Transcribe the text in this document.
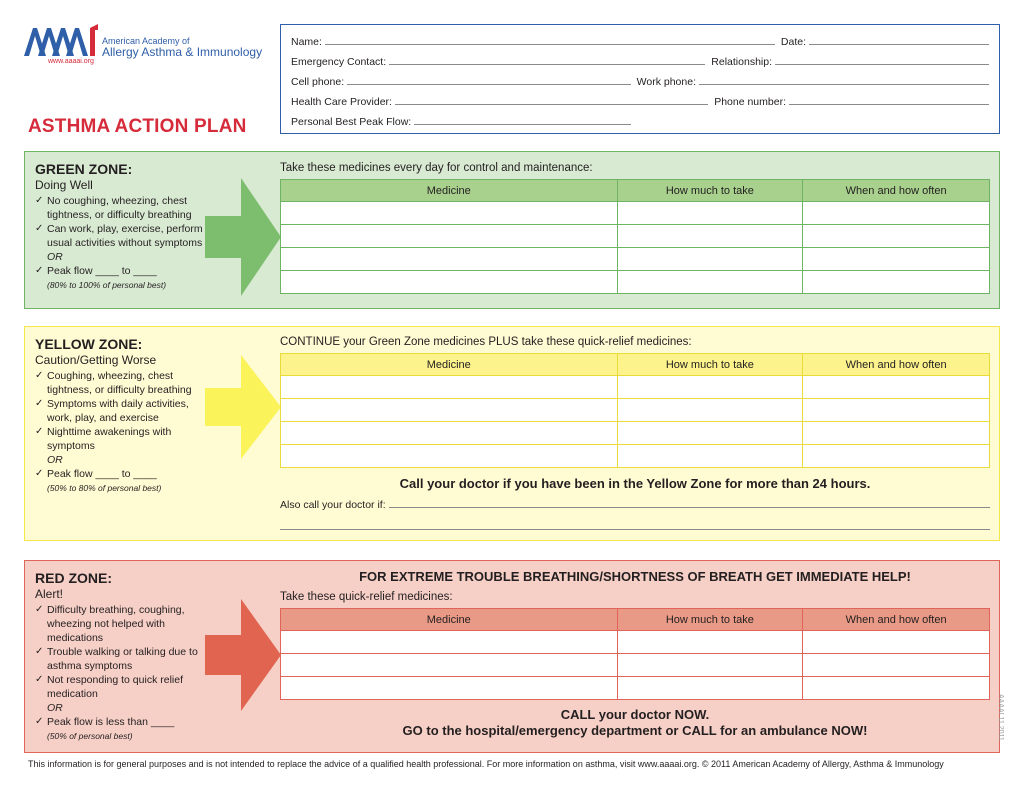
American Academy of
Allergy Asthma & Immunology
www.aaaai.org
ASTHMA ACTION PLAN
Name:	Date:
Emergency Contact:	Relationship:
Cell phone:	Work phone:
Health Care Provider:	Phone number:
Personal Best Peak Flow:
GREEN ZONE:
Doing Well
✓ No coughing, wheezing, chest tightness, or difficulty breathing
✓ Can work, play, exercise, perform usual activities without symptoms
OR
✓ Peak flow ____ to ____
(80% to 100% of personal best)
Take these medicines every day for control and maintenance:
Medicine	How much to take	When and how often

YELLOW ZONE:
Caution/Getting Worse
✓ Coughing, wheezing, chest tightness, or difficulty breathing
✓ Symptoms with daily activities, work, play, and exercise
✓ Nighttime awakenings with symptoms
OR
✓ Peak flow ____ to ____
(50% to 80% of personal best)
CONTINUE your Green Zone medicines PLUS take these quick-relief medicines:
Medicine	How much to take	When and how often

Call your doctor if you have been in the Yellow Zone for more than 24 hours.
Also call your doctor if:
RED ZONE:
Alert!
✓ Difficulty breathing, coughing, wheezing not helped with medications
✓ Trouble walking or talking due to asthma symptoms
✓ Not responding to quick relief medication
OR
✓ Peak flow is less than ____
(50% of personal best)
FOR EXTREME TROUBLE BREATHING/SHORTNESS OF BREATH GET IMMEDIATE HELP!
Take these quick-relief medicines:
Medicine	How much to take	When and how often

CALL your doctor NOW.
GO to the hospital/emergency department or CALL for an ambulance NOW!	AAAAI 11.2011
This information is for general purposes and is not intended to replace the advice of a qualified health professional. For more information on asthma, visit www.aaaai.org. © 2011 American Academy of Allergy, Asthma & Immunology
